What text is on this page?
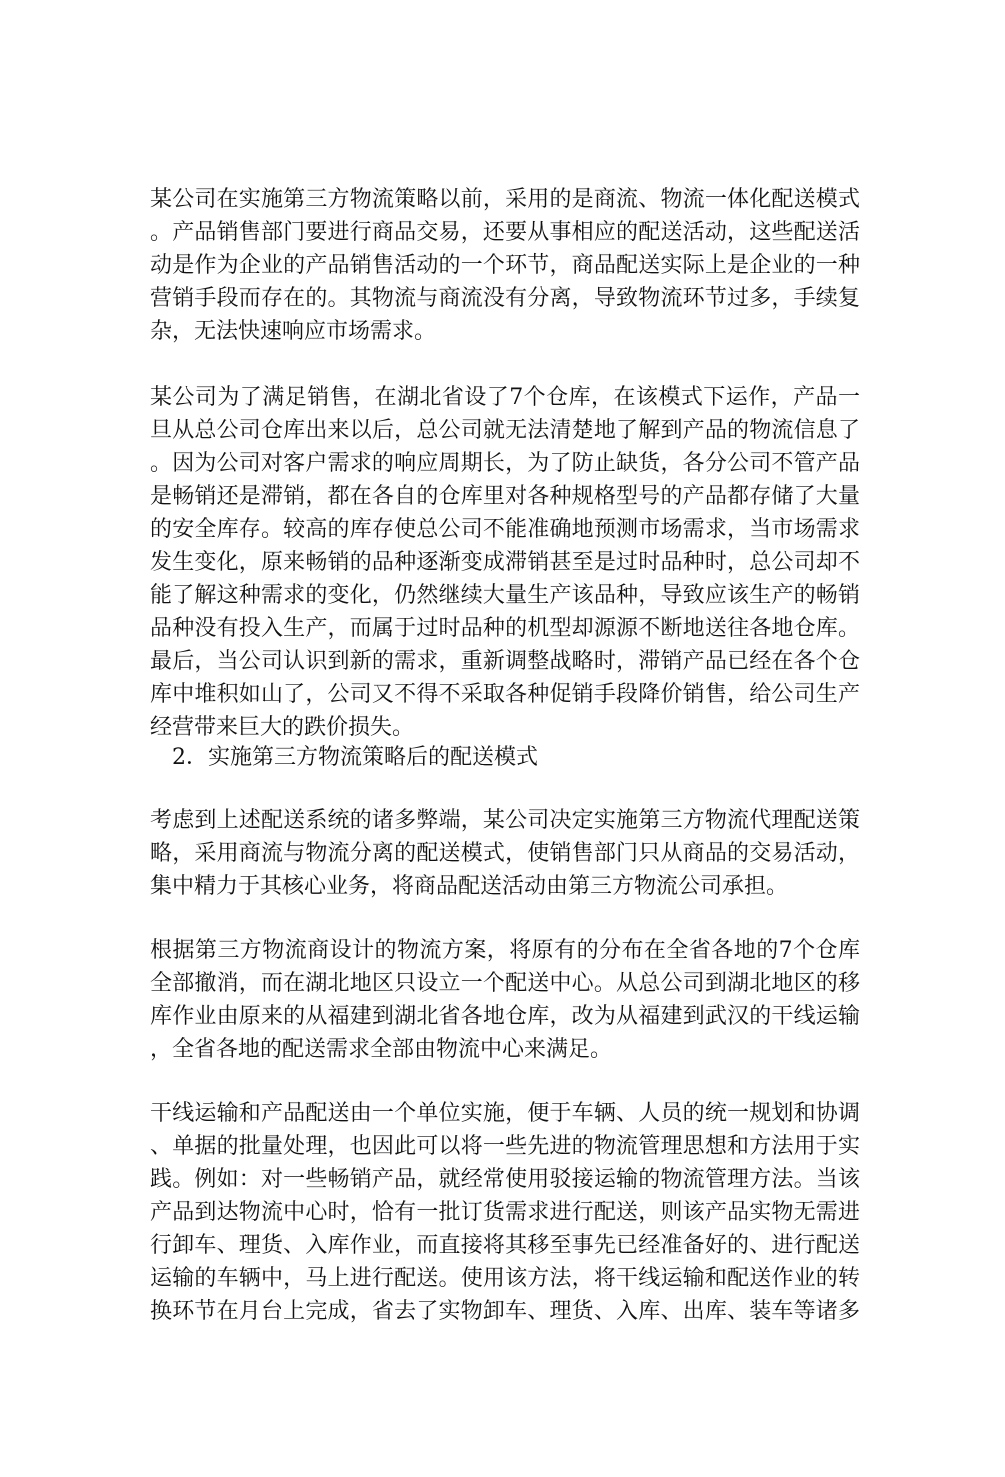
某公司在实施第三方物流策略以前，采用的是商流、物流一体化配送模式
。产品销售部门要进行商品交易，还要从事相应的配送活动，这些配送活
动是作为企业的产品销售活动的一个环节，商品配送实际上是企业的一种
营销手段而存在的。其物流与商流没有分离，导致物流环节过多，手续复
杂，无法快速响应市场需求。
某公司为了满足销售，在湖北省设了7个仓库，在该模式下运作，产品一
旦从总公司仓库出来以后，总公司就无法清楚地了解到产品的物流信息了
。因为公司对客户需求的响应周期长，为了防止缺货，各分公司不管产品
是畅销还是滞销，都在各自的仓库里对各种规格型号的产品都存储了大量
的安全库存。较高的库存使总公司不能准确地预测市场需求，当市场需求
发生变化，原来畅销的品种逐渐变成滞销甚至是过时品种时，总公司却不
能了解这种需求的变化，仍然继续大量生产该品种，导致应该生产的畅销
品种没有投入生产，而属于过时品种的机型却源源不断地送往各地仓库。
最后，当公司认识到新的需求，重新调整战略时，滞销产品已经在各个仓
库中堆积如山了，公司又不得不采取各种促销手段降价销售，给公司生产
经营带来巨大的跌价损失。
2．实施第三方物流策略后的配送模式
考虑到上述配送系统的诸多弊端，某公司决定实施第三方物流代理配送策
略，采用商流与物流分离的配送模式，使销售部门只从商品的交易活动，
集中精力于其核心业务，将商品配送活动由第三方物流公司承担。
根据第三方物流商设计的物流方案，将原有的分布在全省各地的7个仓库
全部撤消，而在湖北地区只设立一个配送中心。从总公司到湖北地区的移
库作业由原来的从福建到湖北省各地仓库，改为从福建到武汉的干线运输
，全省各地的配送需求全部由物流中心来满足。
干线运输和产品配送由一个单位实施，便于车辆、人员的统一规划和协调
、单据的批量处理，也因此可以将一些先进的物流管理思想和方法用于实
践。例如：对一些畅销产品，就经常使用驳接运输的物流管理方法。当该
产品到达物流中心时，恰有一批订货需求进行配送，则该产品实物无需进
行卸车、理货、入库作业，而直接将其移至事先已经准备好的、进行配送
运输的车辆中，马上进行配送。使用该方法，将干线运输和配送作业的转
换环节在月台上完成，省去了实物卸车、理货、入库、出库、装车等诸多
